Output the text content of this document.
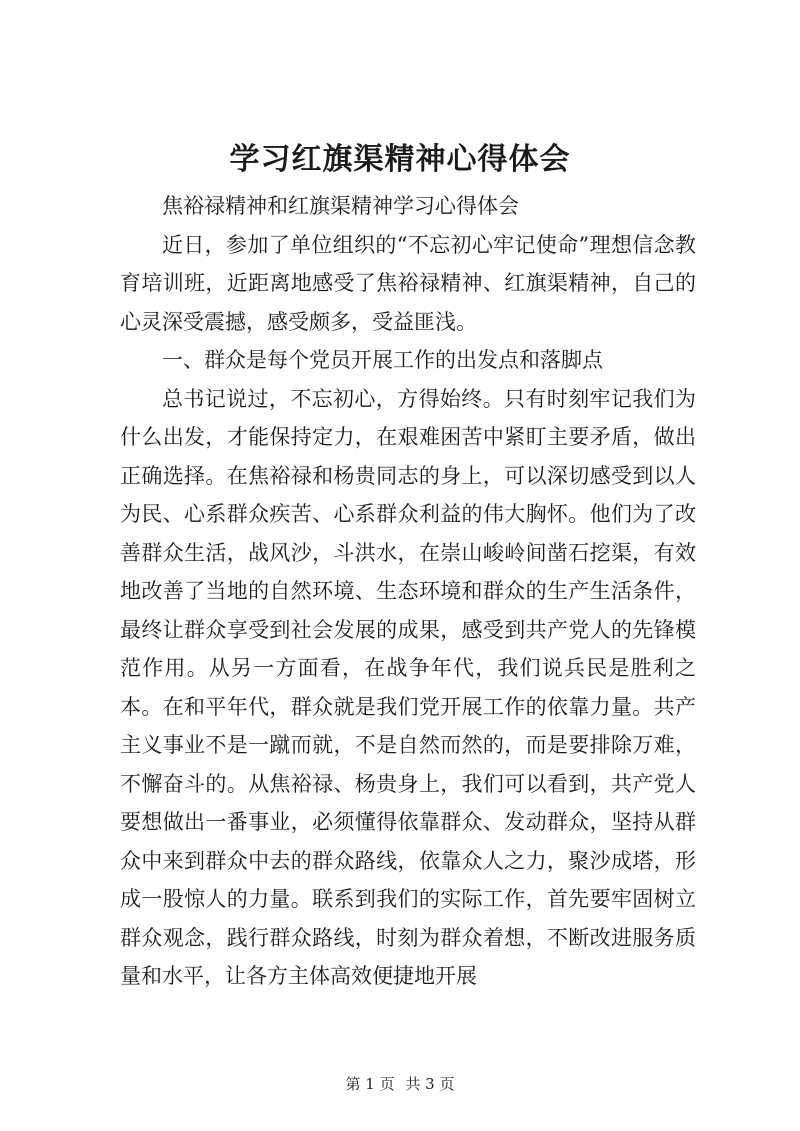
学习红旗渠精神心得体会

焦裕禄精神和红旗渠精神学习心得体会

近日，参加了单位组织的“不忘初心牢记使命”理想信念教育培训班，近距离地感受了焦裕禄精神、红旗渠精神，自己的心灵深受震撼，感受颇多，受益匪浅。

一、群众是每个党员开展工作的出发点和落脚点

总书记说过，不忘初心，方得始终。只有时刻牢记我们为什么出发，才能保持定力，在艰难困苦中紧盯主要矛盾，做出正确选择。在焦裕禄和杨贵同志的身上，可以深切感受到以人为民、心系群众疾苦、心系群众利益的伟大胸怀。他们为了改善群众生活，战风沙，斗洪水，在崇山峻岭间凿石挖渠，有效地改善了当地的自然环境、生态环境和群众的生产生活条件，最终让群众享受到社会发展的成果，感受到共产党人的先锋模范作用。从另一方面看，在战争年代，我们说兵民是胜利之本。在和平年代，群众就是我们党开展工作的依靠力量。共产主义事业不是一蹴而就，不是自然而然的，而是要排除万难，不懈奋斗的。从焦裕禄、杨贵身上，我们可以看到，共产党人要想做出一番事业，必须懂得依靠群众、发动群众，坚持从群众中来到群众中去的群众路线，依靠众人之力，聚沙成塔，形成一股惊人的力量。联系到我们的实际工作，首先要牢固树立群众观念，践行群众路线，时刻为群众着想，不断改进服务质量和水平，让各方主体高效便捷地开展

第 1 页 共 3 页
